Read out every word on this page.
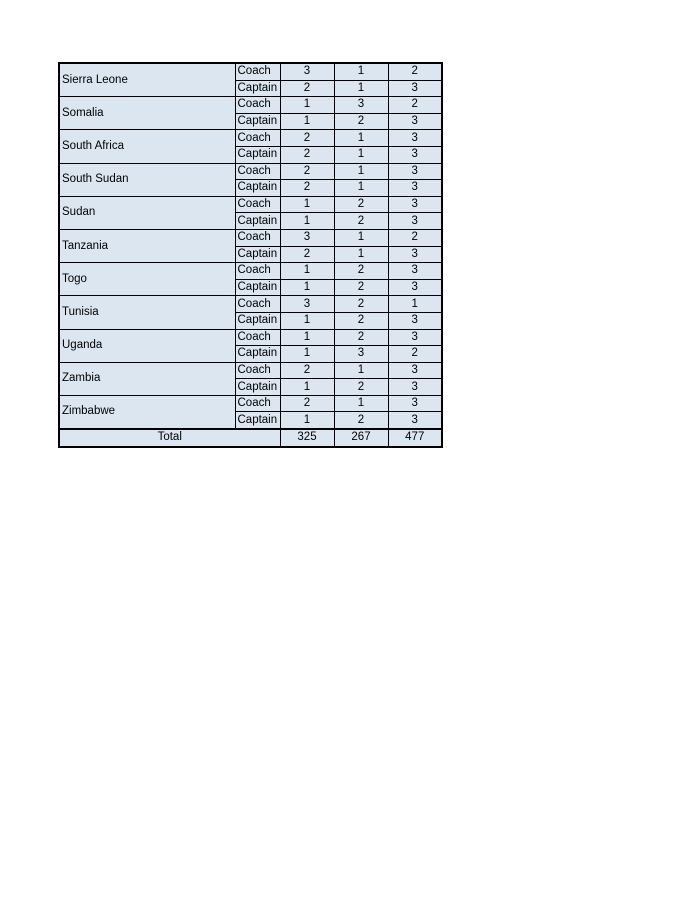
Sierra Leone	Coach	3	1	2
	Captain	2	1	3
Somalia	Coach	1	3	2
	Captain	1	2	3
South Africa	Coach	2	1	3
	Captain	2	1	3
South Sudan	Coach	2	1	3
	Captain	2	1	3
Sudan	Coach	1	2	3
	Captain	1	2	3
Tanzania	Coach	3	1	2
	Captain	2	1	3
Togo	Coach	1	2	3
	Captain	1	2	3
Tunisia	Coach	3	2	1
	Captain	1	2	3
Uganda	Coach	1	2	3
	Captain	1	3	2
Zambia	Coach	2	1	3
	Captain	1	2	3
Zimbabwe	Coach	2	1	3
	Captain	1	2	3
Total		325	267	477
